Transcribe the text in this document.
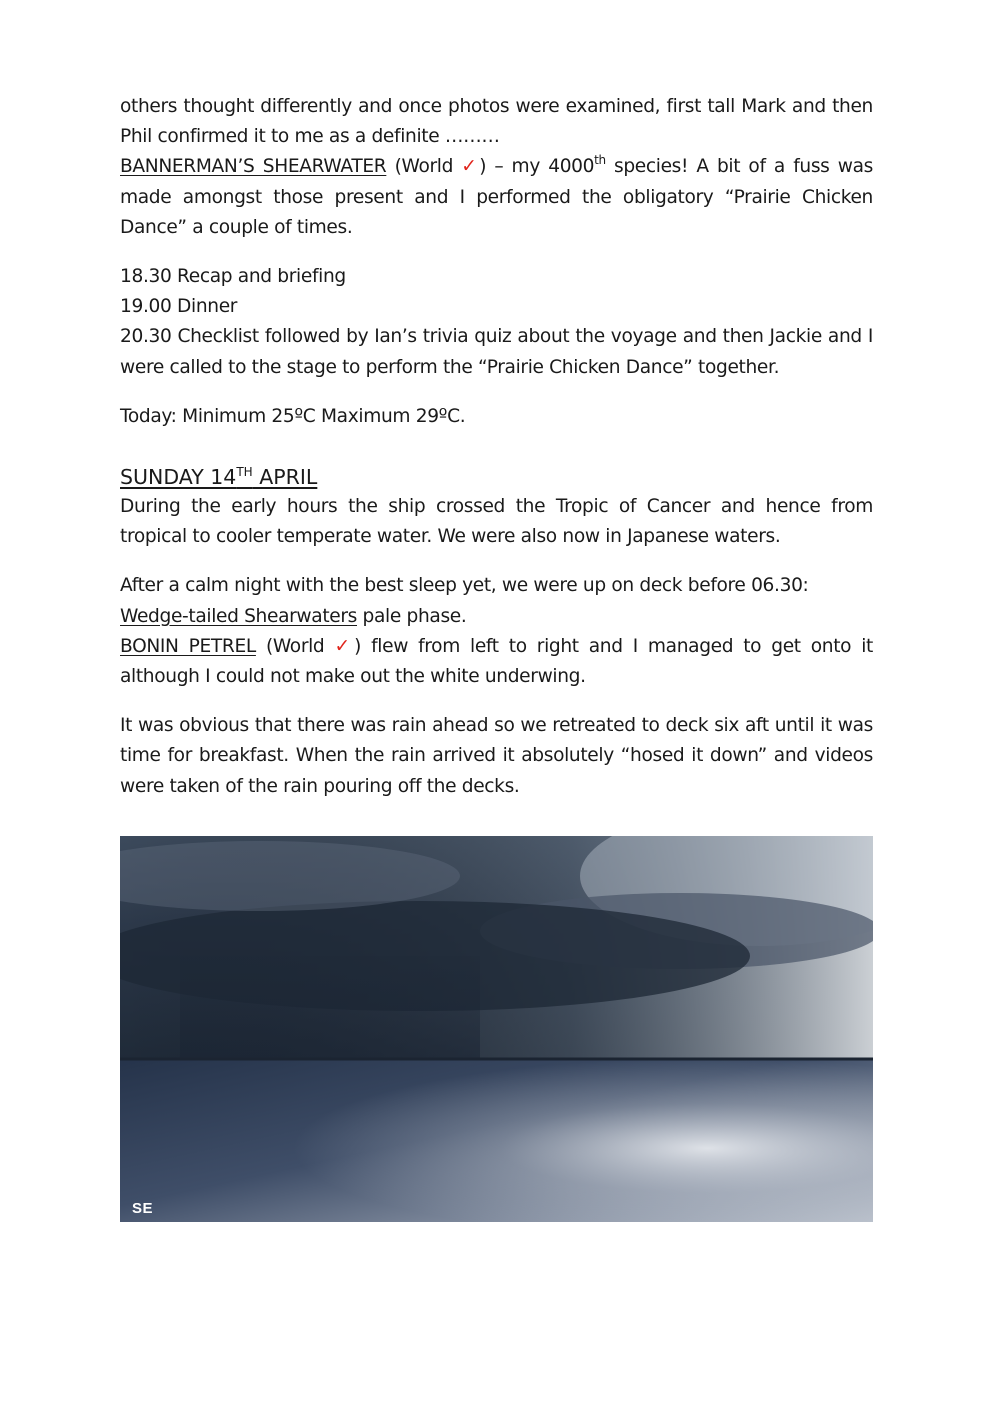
others thought differently and once photos were examined, first tall Mark and then Phil confirmed it to me as a definite ………

BANNERMAN’S SHEARWATER (World ✓) – my 4000th species! A bit of a fuss was made amongst those present and I performed the obligatory “Prairie Chicken Dance” a couple of times.

18.30 Recap and briefing

19.00 Dinner

20.30 Checklist followed by Ian’s trivia quiz about the voyage and then Jackie and I were called to the stage to perform the “Prairie Chicken Dance” together.

Today: Minimum 25ºC Maximum 29ºC.

SUNDAY 14TH APRIL

During the early hours the ship crossed the Tropic of Cancer and hence from tropical to cooler temperate water. We were also now in Japanese waters.

After a calm night with the best sleep yet, we were up on deck before 06.30:
Wedge-tailed Shearwaters pale phase.
BONIN PETREL (World ✓) flew from left to right and I managed to get onto it although I could not make out the white underwing.

It was obvious that there was rain ahead so we retreated to deck six aft until it was time for breakfast. When the rain arrived it absolutely “hosed it down” and videos were taken of the rain pouring off the decks.

SE
